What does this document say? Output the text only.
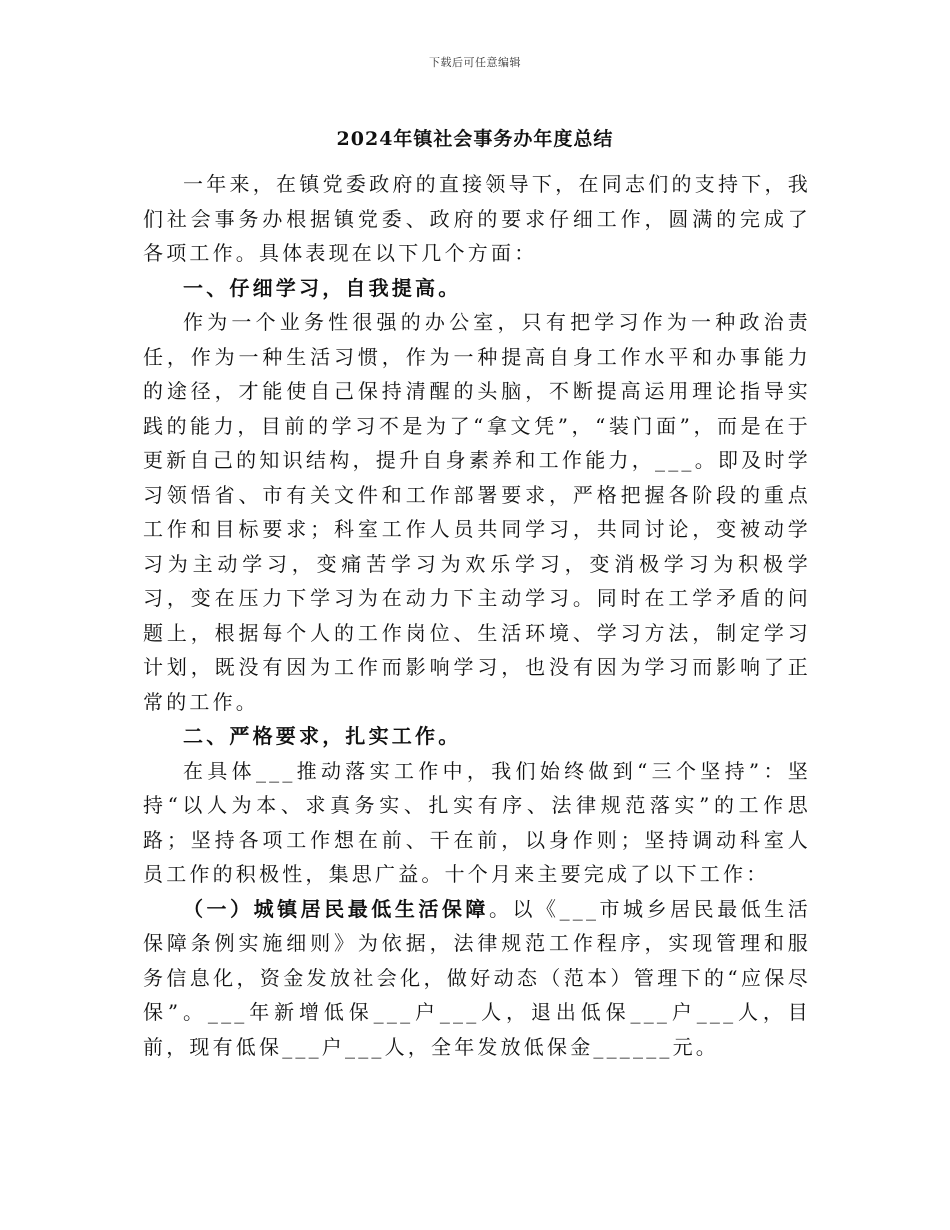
下载后可任意编辑
2024年镇社会事务办年度总结

一年来，在镇党委政府的直接领导下，在同志们的支持下，我们社会事务办根据镇党委、政府的要求仔细工作，圆满的完成了各项工作。具体表现在以下几个方面：

一、仔细学习，自我提高。

作为一个业务性很强的办公室，只有把学习作为一种政治责任，作为一种生活习惯，作为一种提高自身工作水平和办事能力的途径，才能使自己保持清醒的头脑，不断提高运用理论指导实践的能力，目前的学习不是为了“拿文凭”，“装门面”，而是在于更新自己的知识结构，提升自身素养和工作能力，___。即及时学习领悟省、市有关文件和工作部署要求，严格把握各阶段的重点工作和目标要求；科室工作人员共同学习，共同讨论，变被动学习为主动学习，变痛苦学习为欢乐学习，变消极学习为积极学习，变在压力下学习为在动力下主动学习。同时在工学矛盾的问题上，根据每个人的工作岗位、生活环境、学习方法，制定学习计划，既没有因为工作而影响学习，也没有因为学习而影响了正常的工作。

二、严格要求，扎实工作。

在具体___推动落实工作中，我们始终做到“三个坚持”：坚持“以人为本、求真务实、扎实有序、法律规范落实”的工作思路；坚持各项工作想在前、干在前，以身作则；坚持调动科室人员工作的积极性，集思广益。十个月来主要完成了以下工作：

（一）城镇居民最低生活保障。以《___市城乡居民最低生活保障条例实施细则》为依据，法律规范工作程序，实现管理和服务信息化，资金发放社会化，做好动态（范本）管理下的“应保尽保”。___年新增低保___户___人，退出低保___户___人，目前，现有低保___户___人，全年发放低保金______元。
